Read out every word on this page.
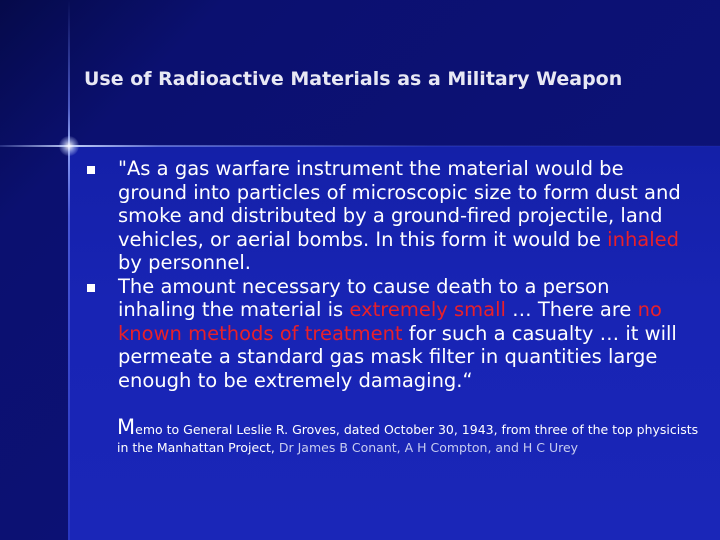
Use of Radioactive Materials as a Military Weapon
"As a gas warfare instrument the material would be ground into particles of microscopic size to form dust and smoke and distributed by a ground-fired projectile, land vehicles, or aerial bombs. In this form it would be inhaled by personnel.
The amount necessary to cause death to a person inhaling the material is extremely small … There are no known methods of treatment for such a casualty … it will permeate a standard gas mask filter in quantities large enough to be extremely damaging.“
Memo to General Leslie R. Groves, dated October 30, 1943, from three of the top physicists in the Manhattan Project, Dr James B Conant, A H Compton, and H C Urey
